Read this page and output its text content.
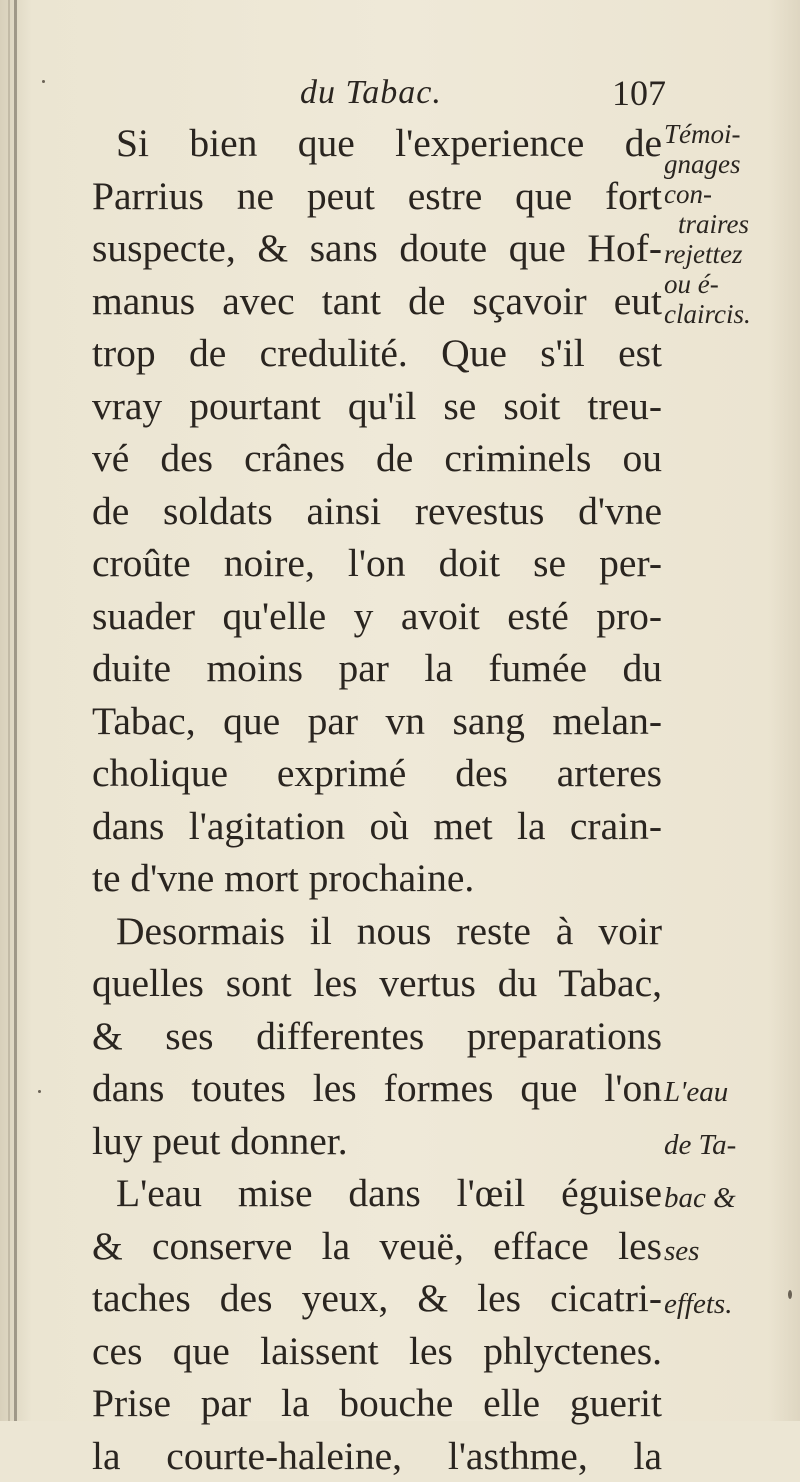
du Tabac.	107
Si bien que l'experience de
Parrius ne peut estre que fort
suspecte, & sans doute que Hof-
manus avec tant de sçavoir eut
trop de credulité. Que s'il est
vray pourtant qu'il se soit treu-
vé des crânes de criminels ou
de soldats ainsi revestus d'vne
croûte noire, l'on doit se per-
suader qu'elle y avoit esté pro-
duite moins par la fumée du
Tabac, que par vn sang melan-
cholique exprimé des arteres
dans l'agitation où met la crain-
te d'vne mort prochaine.
Desormais il nous reste à voir
quelles sont les vertus du Tabac,
& ses differentes preparations
dans toutes les formes que l'on
luy peut donner.
L'eau mise dans l'œil éguise
& conserve la veuë, efface les
taches des yeux, & les cicatri-
ces que laissent les phlyctenes.
Prise par la bouche elle guerit
la courte-haleine, l'asthme, la
Témoi-
gnages
con-
traires
rejettez
ou é-
claircis.
L'eau
de Ta-
bac &
ses
effets.
